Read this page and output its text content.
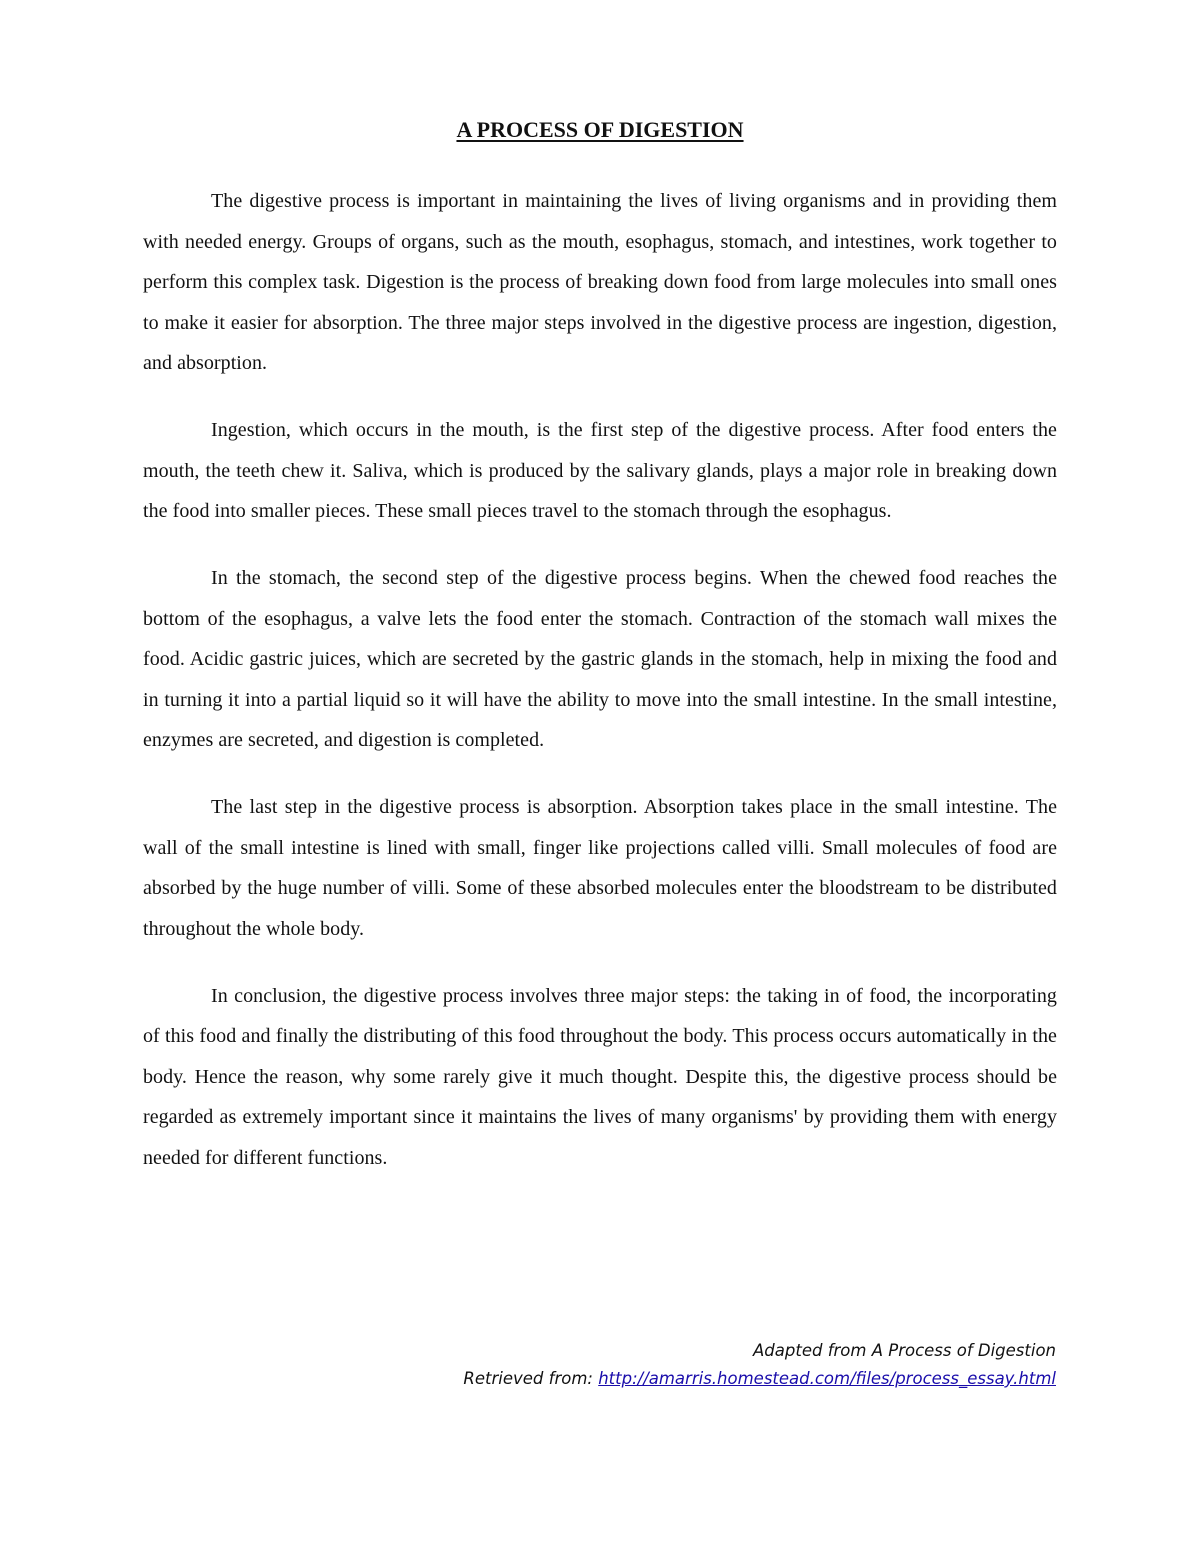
A PROCESS OF DIGESTION

The digestive process is important in maintaining the lives of living organisms and in providing them with needed energy. Groups of organs, such as the mouth, esophagus, stomach, and intestines, work together to perform this complex task. Digestion is the process of breaking down food from large molecules into small ones to make it easier for absorption. The three major steps involved in the digestive process are ingestion, digestion, and absorption.

Ingestion, which occurs in the mouth, is the first step of the digestive process. After food enters the mouth, the teeth chew it. Saliva, which is produced by the salivary glands, plays a major role in breaking down the food into smaller pieces. These small pieces travel to the stomach through the esophagus.

In the stomach, the second step of the digestive process begins. When the chewed food reaches the bottom of the esophagus, a valve lets the food enter the stomach. Contraction of the stomach wall mixes the food. Acidic gastric juices, which are secreted by the gastric glands in the stomach, help in mixing the food and in turning it into a partial liquid so it will have the ability to move into the small intestine. In the small intestine, enzymes are secreted, and digestion is completed.

The last step in the digestive process is absorption. Absorption takes place in the small intestine. The wall of the small intestine is lined with small, finger like projections called villi. Small molecules of food are absorbed by the huge number of villi. Some of these absorbed molecules enter the bloodstream to be distributed throughout the whole body.

In conclusion, the digestive process involves three major steps: the taking in of food, the incorporating of this food and finally the distributing of this food throughout the body. This process occurs automatically in the body. Hence the reason, why some rarely give it much thought. Despite this, the digestive process should be regarded as extremely important since it maintains the lives of many organisms' by providing them with energy needed for different functions.

Adapted from A Process of Digestion
Retrieved from: http://amarris.homestead.com/files/process_essay.html
